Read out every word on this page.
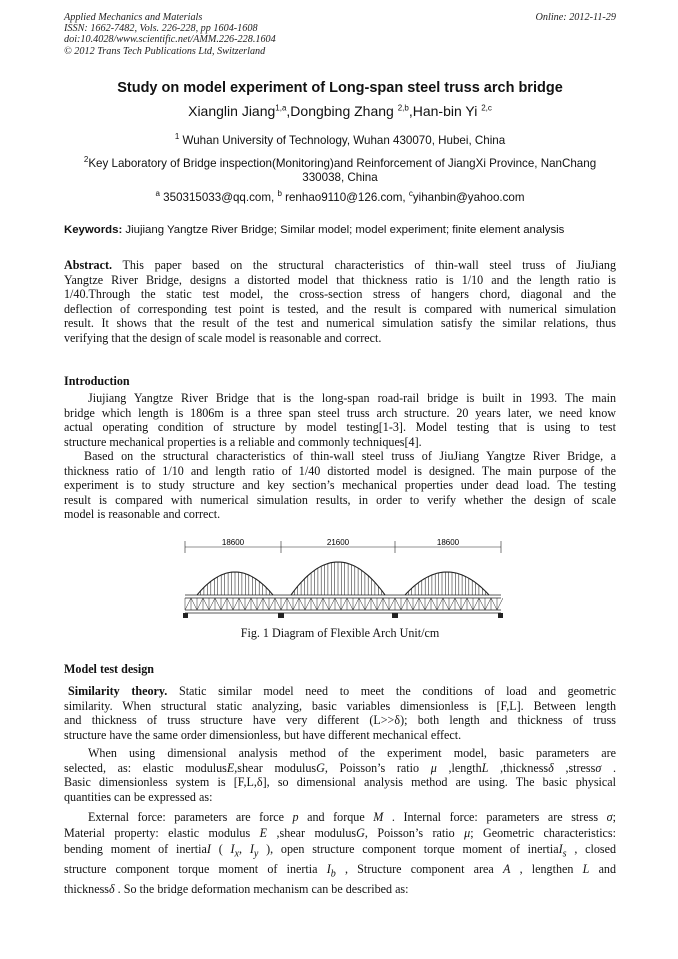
Applied Mechanics and Materials
ISSN: 1662-7482, Vols. 226-228, pp 1604-1608
doi:10.4028/www.scientific.net/AMM.226-228.1604
© 2012 Trans Tech Publications Ltd, Switzerland
Online: 2012-11-29
Study on model experiment of Long-span steel truss arch bridge
Xianglin Jiang$^{1,a}$,Dongbing Zhang $^{2,b}$,Han-bin Yi $^{2,c}$
$^1$ Wuhan University of Technology, Wuhan 430070, Hubei, China
$^2$Key Laboratory of Bridge inspection(Monitoring)and Reinforcement of JiangXi Province, NanChang
330038, China
$^a$ 350315033@qq.com, $^b$ renhao9110@126.com, $^c$yihanbin@yahoo.com
Keywords: Jiujiang Yangtze River Bridge; Similar model; model experiment; finite element analysis
Abstract. This paper based on the structural characteristics of thin-wall steel truss of JiuJiang
Yangtze River Bridge, designs a distorted model that thickness ratio is 1/10 and the length ratio is
1/40.Through the static test model, the cross-section stress of hangers chord, diagonal and the
deflection of corresponding test point is tested, and the result is compared with numerical simulation
result. It shows that the result of the test and numerical simulation satisfy the similar relations, thus
verifying that the design of scale model is reasonable and correct.
Introduction
Jiujiang Yangtze River Bridge that is the long-span road-rail bridge is built in 1993. The main
bridge which length is 1806m is a three span steel truss arch structure. 20 years later, we need know
actual operating condition of structure by model testing[1-3]. Model testing that is using to test
structure mechanical properties is a reliable and commonly techniques[4].
Based on the structural characteristics of thin-wall steel truss of JiuJiang Yangtze River Bridge, a
thickness ratio of 1/10 and length ratio of 1/40 distorted model is designed. The main purpose of the
experiment is to study structure and key section’s mechanical properties under dead load. The testing
result is compared with numerical simulation results, in order to verify whether the design of scale
model is reasonable and correct.
18600	21600	18600
Fig. 1 Diagram of Flexible Arch Unit/cm
Model test design
Similarity theory. Static similar model need to meet the conditions of load and geometric
similarity. When structural static analyzing, basic variables dimensionless is [F,L]. Between length
and thickness of truss structure have very different (L>>δ); both length and thickness of truss
structure have the same order dimensionless, but have different mechanical effect.
When using dimensional analysis method of the experiment model, basic parameters are
selected, as: elastic modulusE,shear modulusG, Poisson’s ratio μ ,lengthL ,thicknessδ ,stressσ .
Basic dimensionless system is [F,L,δ], so dimensional analysis method are using. The basic physical
quantities can be expressed as:
External force: parameters are force p and forque M . Internal force: parameters are stress σ;
Material property: elastic modulus E ,shear modulusG, Poisson’s ratio μ; Geometric characteristics:
bending moment of inertiaI ( $I_x$, $I_y$ ), open structure component torque moment of inertiaI$_s$ , closed
structure component torque moment of inertia $I_b$ , Structure component area A , lengthen L and
thicknessδ . So the bridge deformation mechanism can be described as:
